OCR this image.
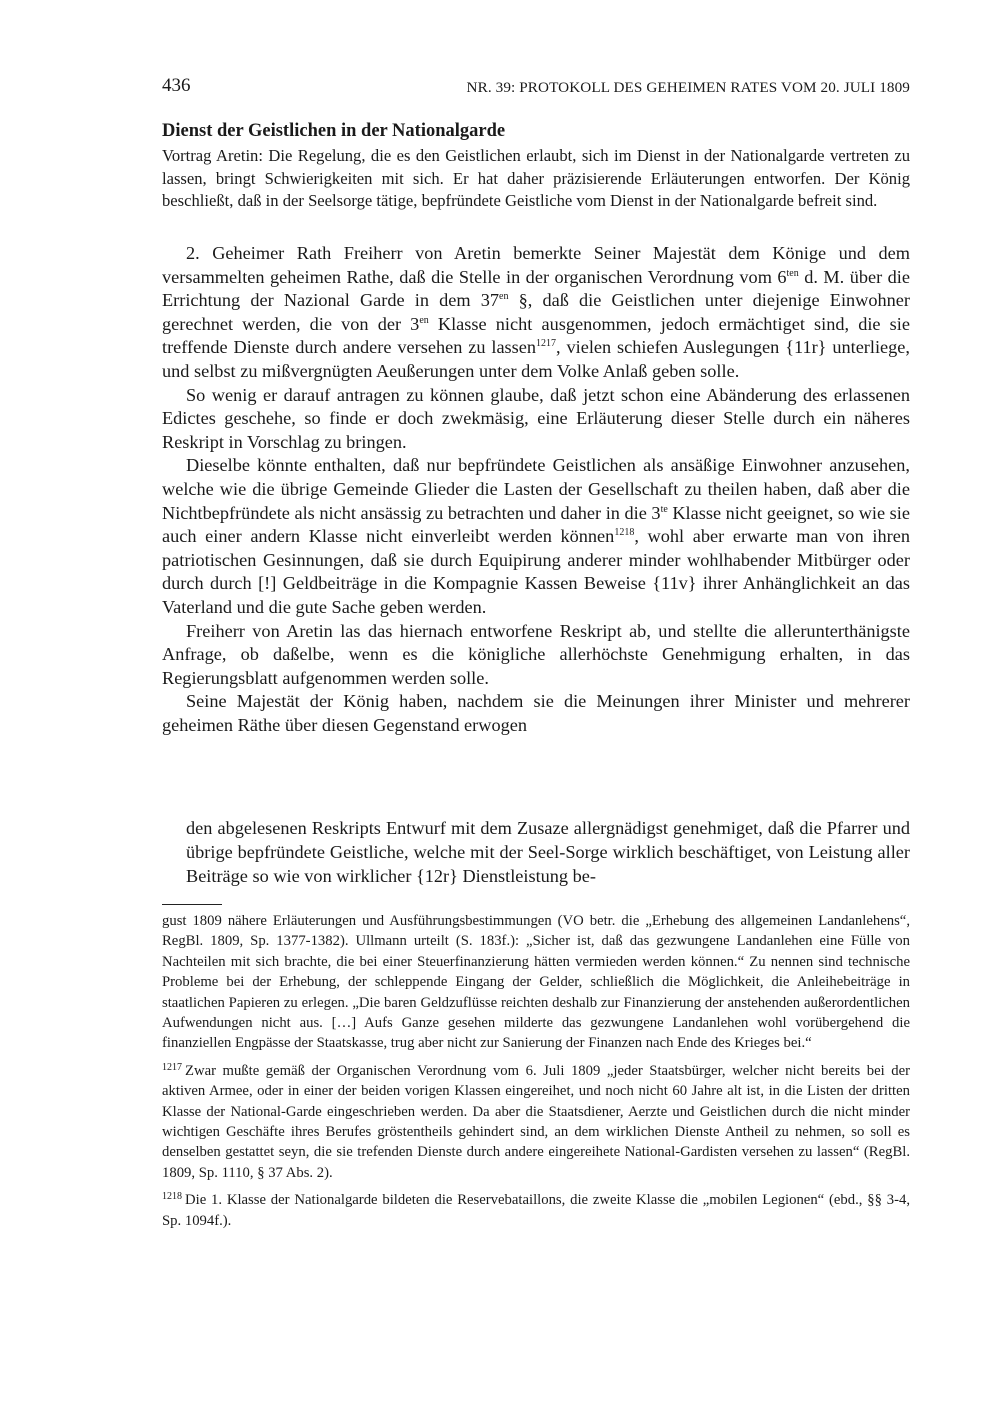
436	NR. 39: PROTOKOLL DES GEHEIMEN RATES VOM 20. JULI 1809
Dienst der Geistlichen in der Nationalgarde
Vortrag Aretin: Die Regelung, die es den Geistlichen erlaubt, sich im Dienst in der Nationalgarde vertreten zu lassen, bringt Schwierigkeiten mit sich. Er hat daher präzisierende Erläuterungen entworfen. Der König beschließt, daß in der Seelsorge tätige, bepfründete Geistliche vom Dienst in der Nationalgarde befreit sind.

2. Geheimer Rath Freiherr von Aretin bemerkte Seiner Majestät dem Könige und dem versammelten geheimen Rathe, daß die Stelle in der organischen Verordnung vom $6^{ten}$ d. M. über die Errichtung der Nazional Garde in dem $37^{en}$ §, daß die Geistlichen unter diejenige Einwohner gerechnet werden, die von der $3^{en}$ Klasse nicht ausgenommen, jedoch ermächtiget sind, die sie treffende Dienste durch andere versehen zu lassen$^{1217}$, vielen schiefen Auslegungen {11r} unterliege, und selbst zu mißvergnügten Aeußerungen unter dem Volke Anlaß geben solle.

So wenig er darauf antragen zu können glaube, daß jetzt schon eine Abänderung des erlassenen Edictes geschehe, so finde er doch zwekmäsig, eine Erläuterung dieser Stelle durch ein näheres Reskript in Vorschlag zu bringen.

Dieselbe könnte enthalten, daß nur bepfründete Geistlichen als ansäßige Einwohner anzusehen, welche wie die übrige Gemeinde Glieder die Lasten der Gesellschaft zu theilen haben, daß aber die Nichtbepfründete als nicht ansässig zu betrachten und daher in die $3^{te}$ Klasse nicht geeignet, so wie sie auch einer andern Klasse nicht einverleibt werden können$^{1218}$, wohl aber erwarte man von ihren patriotischen Gesinnungen, daß sie durch Equipirung anderer minder wohlhabender Mitbürger oder durch durch [!] Geldbeiträge in die Kompagnie Kassen Beweise {11v} ihrer Anhänglichkeit an das Vaterland und die gute Sache geben werden.

Freiherr von Aretin las das hiernach entworfene Reskript ab, und stellte die allerunterthänigste Anfrage, ob daßelbe, wenn es die königliche allerhöchste Genehmigung erhalten, in das Regierungsblatt aufgenommen werden solle.

Seine Majestät der König haben, nachdem sie die Meinungen ihrer Minister und mehrerer geheimen Räthe über diesen Gegenstand erwogen

den abgelesenen Reskripts Entwurf mit dem Zusaze allergnädigst genehmiget, daß die Pfarrer und übrige bepfründete Geistliche, welche mit der Seel-Sorge wirklich beschäftiget, von Leistung aller Beiträge so wie von wirklicher {12r} Dienstleistung be-

gust 1809 nähere Erläuterungen und Ausführungsbestimmungen (VO betr. die „Erhebung des allgemeinen Landanlehens“, RegBl. 1809, Sp. 1377-1382). Ullmann urteilt (S. 183f.): „Sicher ist, daß das gezwungene Landanlehen eine Fülle von Nachteilen mit sich brachte, die bei einer Steuerfinanzierung hätten vermieden werden können.“ Zu nennen sind technische Probleme bei der Erhebung, der schleppende Eingang der Gelder, schließlich die Möglichkeit, die Anleihebeiträge in staatlichen Papieren zu erlegen. „Die baren Geldzuflüsse reichten deshalb zur Finanzierung der anstehenden außerordentlichen Aufwendungen nicht aus. […] Aufs Ganze gesehen milderte das gezwungene Landanlehen wohl vorübergehend die finanziellen Engpässe der Staatskasse, trug aber nicht zur Sanierung der Finanzen nach Ende des Krieges bei.“

$^{1217}$ Zwar mußte gemäß der Organischen Verordnung vom 6. Juli 1809 „jeder Staatsbürger, welcher nicht bereits bei der aktiven Armee, oder in einer der beiden vorigen Klassen eingereihet, und noch nicht 60 Jahre alt ist, in die Listen der dritten Klasse der National-Garde eingeschrieben werden. Da aber die Staatsdiener, Aerzte und Geistlichen durch die nicht minder wichtigen Geschäfte ihres Berufes gröstentheils gehindert sind, an dem wirklichen Dienste Antheil zu nehmen, so soll es denselben gestattet seyn, die sie trefenden Dienste durch andere eingereihete National-Gardisten versehen zu lassen“ (RegBl. 1809, Sp. 1110, § 37 Abs. 2).

$^{1218}$ Die 1. Klasse der Nationalgarde bildeten die Reservebataillons, die zweite Klasse die „mobilen Legionen“ (ebd., §§ 3-4, Sp. 1094f.).
